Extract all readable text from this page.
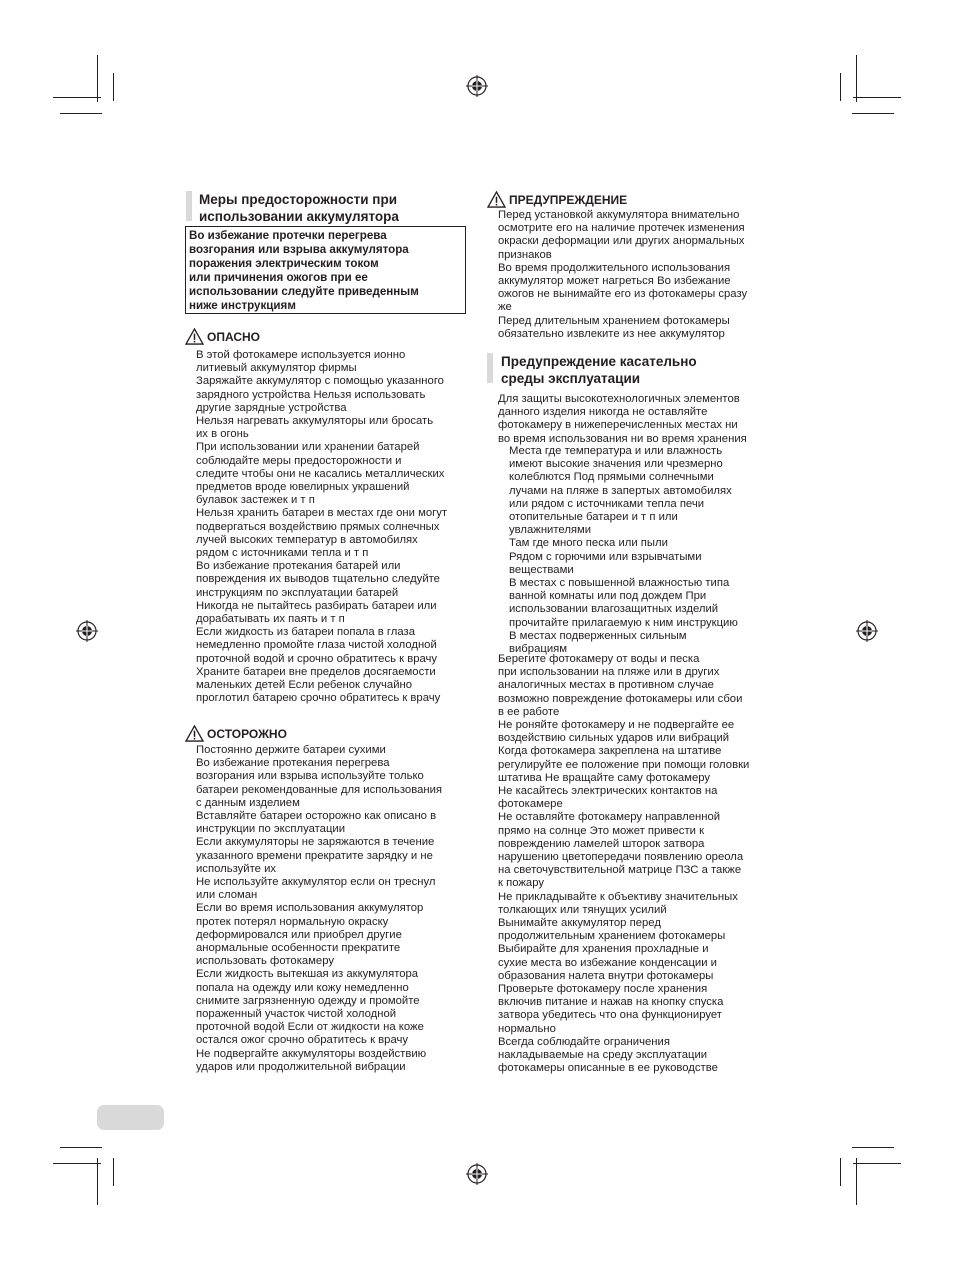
Меры предосторожности при
использовании аккумулятора
Во избежание протечки перегрева
возгорания или взрыва аккумулятора
поражения электрическим током
или причинения ожогов при ее
использовании следуйте приведенным
ниже инструкциям
ОПАСНО
В этой фотокамере используется ионно
литиевый аккумулятор фирмы
Заряжайте аккумулятор с помощью указанного
зарядного устройства Нельзя использовать
другие зарядные устройства
Нельзя нагревать аккумуляторы или бросать
их в огонь
При использовании или хранении батарей
соблюдайте меры предосторожности и
следите чтобы они не касались металлических
предметов вроде ювелирных украшений
булавок застежек и т п
Нельзя хранить батареи в местах где они могут
подвергаться воздействию прямых солнечных
лучей высоких температур в автомобилях
рядом с источниками тепла и т п
Во избежание протекания батарей или
повреждения их выводов тщательно следуйте
инструкциям по эксплуатации батарей
Никогда не пытайтесь разбирать батареи или
дорабатывать их паять и т п
Если жидкость из батареи попала в глаза
немедленно промойте глаза чистой холодной
проточной водой и срочно обратитесь к врачу
Храните батареи вне пределов досягаемости
маленьких детей Если ребенок случайно
проглотил батарею срочно обратитесь к врачу
ОСТОРОЖНО
Постоянно держите батареи сухими
Во избежание протекания перегрева
возгорания или взрыва используйте только
батареи рекомендованные для использования
с данным изделием
Вставляйте батареи осторожно как описано в
инструкции по эксплуатации
Если аккумуляторы не заряжаются в течение
указанного времени прекратите зарядку и не
используйте их
Не используйте аккумулятор если он треснул
или сломан
Если во время использования аккумулятор
протек потерял нормальную окраску
деформировался или приобрел другие
анормальные особенности прекратите
использовать фотокамеру
Если жидкость вытекшая из аккумулятора
попала на одежду или кожу немедленно
снимите загрязненную одежду и промойте
пораженный участок чистой холодной
проточной водой Если от жидкости на коже
остался ожог срочно обратитесь к врачу
Не подвергайте аккумуляторы воздействию
ударов или продолжительной вибрации
ПРЕДУПРЕЖДЕНИЕ
Перед установкой аккумулятора внимательно
осмотрите его на наличие протечек изменения
окраски деформации или других анормальных
признаков
Во время продолжительного использования
аккумулятор может нагреться Во избежание
ожогов не вынимайте его из фотокамеры сразу
же
Перед длительным хранением фотокамеры
обязательно извлеките из нее аккумулятор
Предупреждение касательно
среды эксплуатации
Для защиты высокотехнологичных элементов
данного изделия никогда не оставляйте
фотокамеру в нижеперечисленных местах ни
во время использования ни во время хранения
Места где температура и или влажность
имеют высокие значения или чрезмерно
колеблются Под прямыми солнечными
лучами на пляже в запертых автомобилях
или рядом с источниками тепла печи
отопительные батареи и т п или
увлажнителями
Там где много песка или пыли
Рядом с горючими или взрывчатыми
веществами
В местах с повышенной влажностью типа
ванной комнаты или под дождем При
использовании влагозащитных изделий
прочитайте прилагаемую к ним инструкцию
В местах подверженных сильным
вибрациям
Берегите фотокамеру от воды и песка
при использовании на пляже или в других
аналогичных местах в противном случае
возможно повреждение фотокамеры или сбои
в ее работе
Не роняйте фотокамеру и не подвергайте ее
воздействию сильных ударов или вибраций
Когда фотокамера закреплена на штативе
регулируйте ее положение при помощи головки
штатива Не вращайте саму фотокамеру
Не касайтесь электрических контактов на
фотокамере
Не оставляйте фотокамеру направленной
прямо на солнце Это может привести к
повреждению ламелей шторок затвора
нарушению цветопередачи появлению ореола
на светочувствительной матрице ПЗС а также
к пожару
Не прикладывайте к объективу значительных
толкающих или тянущих усилий
Вынимайте аккумулятор перед
продолжительным хранением фотокамеры
Выбирайте для хранения прохладные и
сухие места во избежание конденсации и
образования налета внутри фотокамеры
Проверьте фотокамеру после хранения
включив питание и нажав на кнопку спуска
затвора убедитесь что она функционирует
нормально
Всегда соблюдайте ограничения
накладываемые на среду эксплуатации
фотокамеры описанные в ее руководстве
